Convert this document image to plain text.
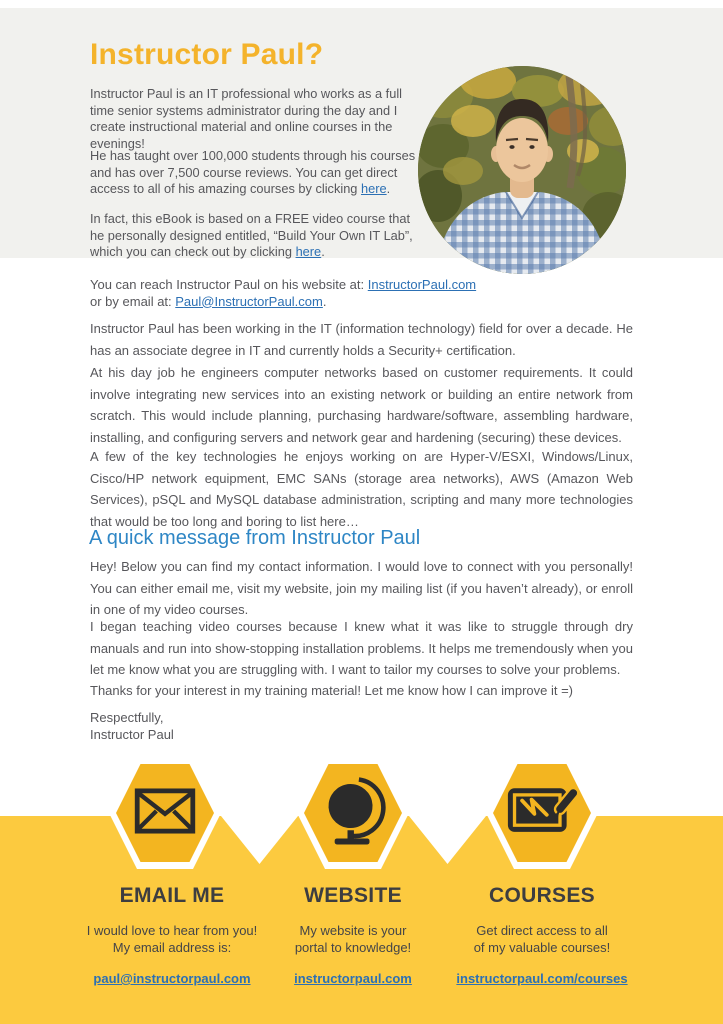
Instructor Paul?

Instructor Paul is an IT professional who works as a full time senior systems administrator during the day and I create instructional material and online courses in the evenings!

He has taught over 100,000 students through his courses and has over 7,500 course reviews. You can get direct access to all of his amazing courses by clicking here.

In fact, this eBook is based on a FREE video course that he personally designed entitled, “Build Your Own IT Lab”, which you can check out by clicking here.

You can reach Instructor Paul on his website at: InstructorPaul.com
or by email at: Paul@InstructorPaul.com.

Instructor Paul has been working in the IT (information technology) field for over a decade. He has an associate degree in IT and currently holds a Security+ certification.

At his day job he engineers computer networks based on customer requirements. It could involve integrating new services into an existing network or building an entire network from scratch. This would include planning, purchasing hardware/software, assembling hardware, installing, and configuring servers and network gear and hardening (securing) these devices.

A few of the key technologies he enjoys working on are Hyper-V/ESXI, Windows/Linux, Cisco/HP network equipment, EMC SANs (storage area networks), AWS (Amazon Web Services), pSQL and MySQL database administration, scripting and many more technologies that would be too long and boring to list here…

A quick message from Instructor Paul

Hey! Below you can find my contact information. I would love to connect with you personally! You can either email me, visit my website, join my mailing list (if you haven’t already), or enroll in one of my video courses.

I began teaching video courses because I knew what it was like to struggle through dry manuals and run into show-stopping installation problems. It helps me tremendously when you let me know what you are struggling with. I want to tailor my courses to solve your problems.

Thanks for your interest in my training material! Let me know how I can improve it =)

Respectfully,
Instructor Paul

EMAIL ME

I would love to hear from you!
My email address is:

paul@instructorpaul.com
WEBSITE

My website is your
portal to knowledge!

instructorpaul.com
COURSES

Get direct access to all
of my valuable courses!

instructorpaul.com/courses
